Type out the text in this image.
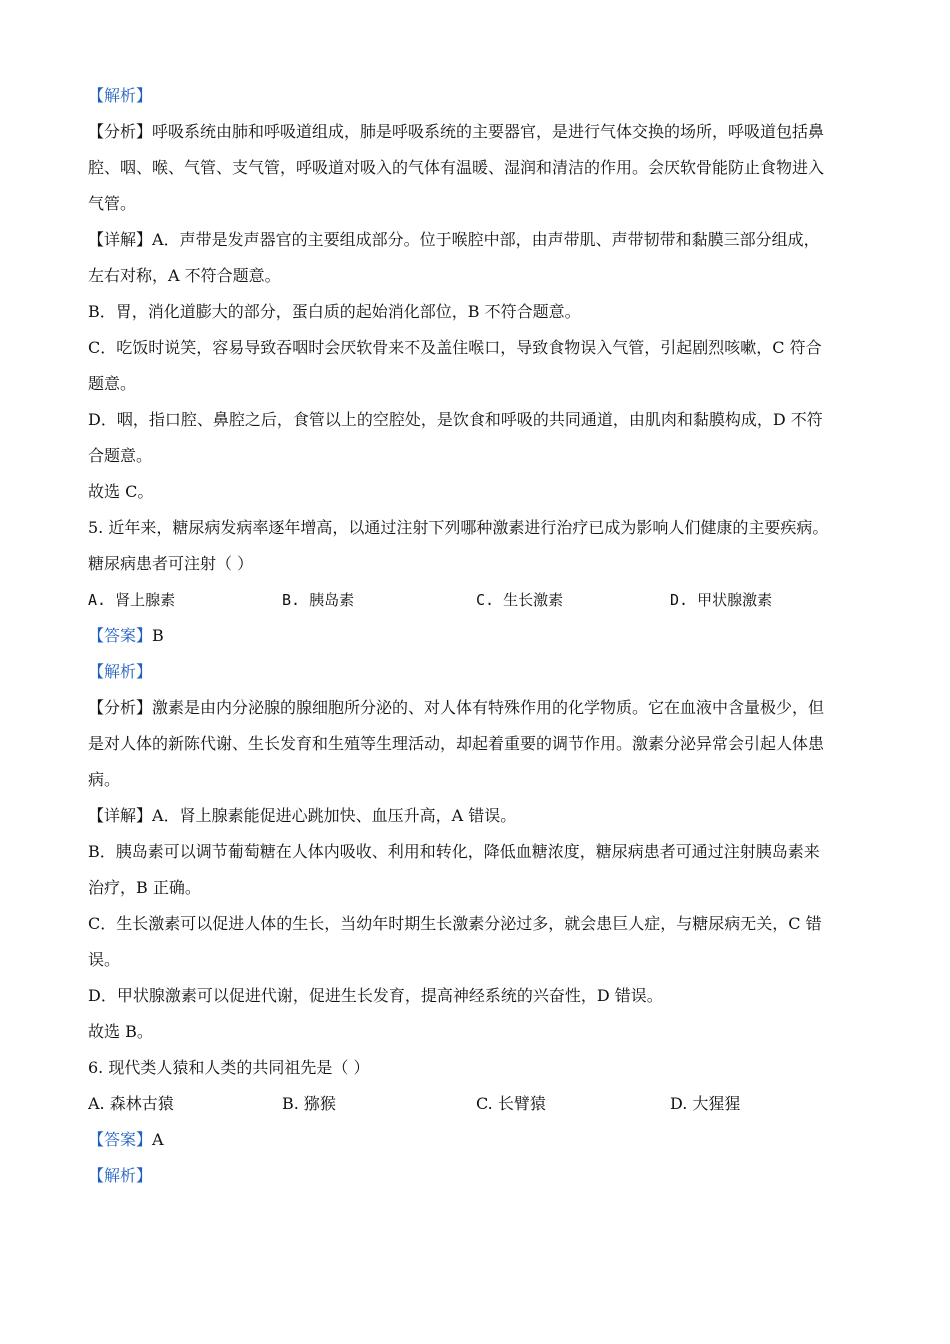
【解析】
【分析】呼吸系统由肺和呼吸道组成，肺是呼吸系统的主要器官，是进行气体交换的场所，呼吸道包括鼻
腔、咽、喉、气管、支气管，呼吸道对吸入的气体有温暖、湿润和清洁的作用。会厌软骨能防止食物进入
气管。
【详解】A．声带是发声器官的主要组成部分。位于喉腔中部，由声带肌、声带韧带和黏膜三部分组成，
左右对称，A 不符合题意。
B．胃，消化道膨大的部分，蛋白质的起始消化部位，B 不符合题意。
C．吃饭时说笑，容易导致吞咽时会厌软骨来不及盖住喉口，导致食物误入气管，引起剧烈咳嗽，C 符合
题意。
D．咽，指口腔、鼻腔之后，食管以上的空腔处，是饮食和呼吸的共同通道，由肌肉和黏膜构成，D 不符
合题意。
故选 C。
5. 近年来，糖尿病发病率逐年增高，以通过注射下列哪种激素进行治疗已成为影响人们健康的主要疾病。
糖尿病患者可注射（ ）
A. 肾上腺素	B. 胰岛素	C. 生长激素	D. 甲状腺激素
【答案】B
【解析】
【分析】激素是由内分泌腺的腺细胞所分泌的、对人体有特殊作用的化学物质。它在血液中含量极少，但
是对人体的新陈代谢、生长发育和生殖等生理活动，却起着重要的调节作用。激素分泌异常会引起人体患
病。
【详解】A．肾上腺素能促进心跳加快、血压升高，A 错误。
B．胰岛素可以调节葡萄糖在人体内吸收、利用和转化，降低血糖浓度，糖尿病患者可通过注射胰岛素来
治疗，B 正确。
C．生长激素可以促进人体的生长，当幼年时期生长激素分泌过多，就会患巨人症，与糖尿病无关，C 错
误。
D．甲状腺激素可以促进代谢，促进生长发育，提高神经系统的兴奋性，D 错误。
故选 B。
6. 现代类人猿和人类的共同祖先是（ ）
A. 森林古猿	B. 猕猴	C. 长臂猿	D. 大猩猩
【答案】A
【解析】
